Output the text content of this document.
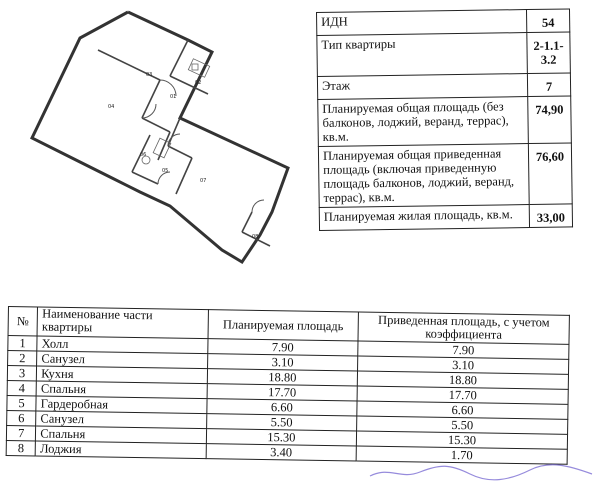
01
02
03
04
05
06
07
08
ИДН	54
Тип квартиры	2-1.1-3.2
Этаж	7
Планируемая общая площадь (без балконов, лоджий, веранд, террас), кв.м.	74,90
Планируемая общая приведенная площадь (включая приведенную площадь балконов, лоджий, веранд, террас), кв.м.	76,60
Планируемая жилая площадь, кв.м.	33,00
№	Наименование части квартиры	Планируемая площадь	Приведенная площадь, с учетом коэффициента
1	Холл	7.90	7.90
2	Санузел	3.10	3.10
3	Кухня	18.80	18.80
4	Спальня	17.70	17.70
5	Гардеробная	6.60	6.60
6	Санузел	5.50	5.50
7	Спальня	15.30	15.30
8	Лоджия	3.40	1.70
